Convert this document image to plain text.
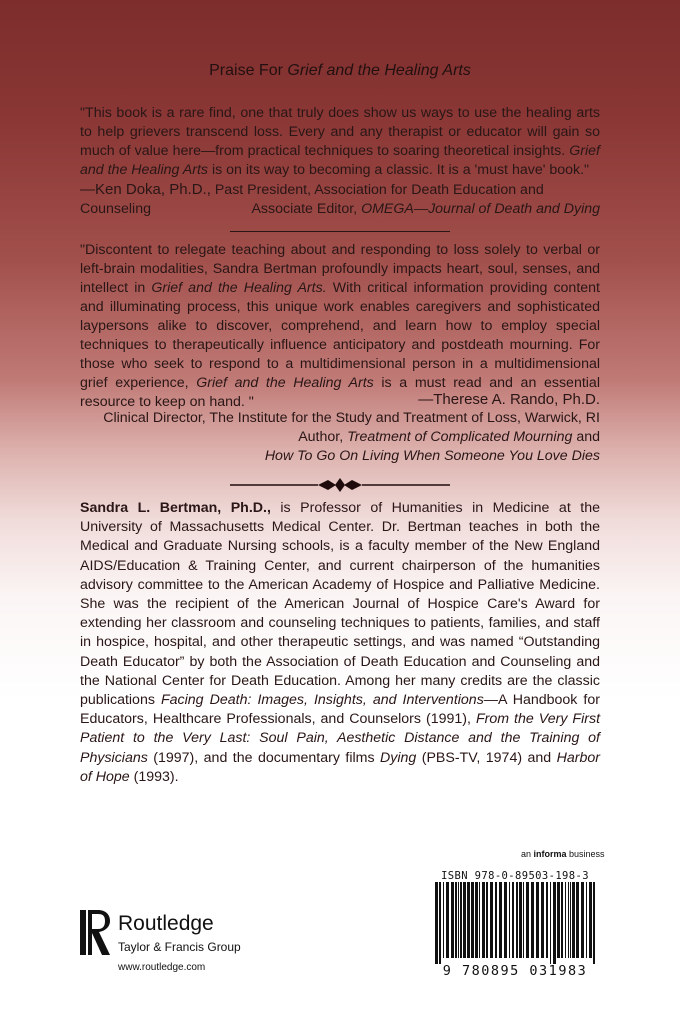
Praise For Grief and the Healing Arts
"This book is a rare find, one that truly does show us ways to use the healing arts to help grievers transcend loss. Every and any therapist or educator will gain so much of value here—from practical techniques to soaring theoretical insights. Grief and the Healing Arts is on its way to becoming a classic. It is a 'must have' book."
—Ken Doka, Ph.D., Past President, Association for Death Education and Counseling	Associate Editor, OMEGA—Journal of Death and Dying
"Discontent to relegate teaching about and responding to loss solely to verbal or left-brain modalities, Sandra Bertman profoundly impacts heart, soul, senses, and intellect in Grief and the Healing Arts. With critical information providing content and illuminating process, this unique work enables caregivers and sophisticated laypersons alike to discover, comprehend, and learn how to employ special techniques to therapeutically influence anticipatory and postdeath mourning. For those who seek to respond to a multidimensional person in a multidimensional grief experience, Grief and the Healing Arts is a must read and an essential resource to keep on hand. "	—Therese A. Rando, Ph.D.
Clinical Director, The Institute for the Study and Treatment of Loss, Warwick, RI
Author, Treatment of Complicated Mourning and
How To Go On Living When Someone You Love Dies
Sandra L. Bertman, Ph.D., is Professor of Humanities in Medicine at the University of Massachusetts Medical Center. Dr. Bertman teaches in both the Medical and Graduate Nursing schools, is a faculty member of the New England AIDS/Education & Training Center, and current chairperson of the humanities advisory committee to the American Academy of Hospice and Palliative Medicine. She was the recipient of the American Journal of Hospice Care's Award for extending her classroom and counseling techniques to patients, families, and staff in hospice, hospital, and other therapeutic settings, and was named “Outstanding Death Educator” by both the Association of Death Education and Counseling and the National Center for Death Education. Among her many credits are the classic publications Facing Death: Images, Insights, and Interventions—A Handbook for Educators, Healthcare Professionals, and Counselors (1991), From the Very First Patient to the Very Last: Soul Pain, Aesthetic Distance and the Training of Physicians (1997), and the documentary films Dying (PBS-TV, 1974) and Harbor of Hope (1993).
an informa business
ISBN 978-0-89503-198-3
9 780895 031983
Routledge
Taylor & Francis Group
www.routledge.com
